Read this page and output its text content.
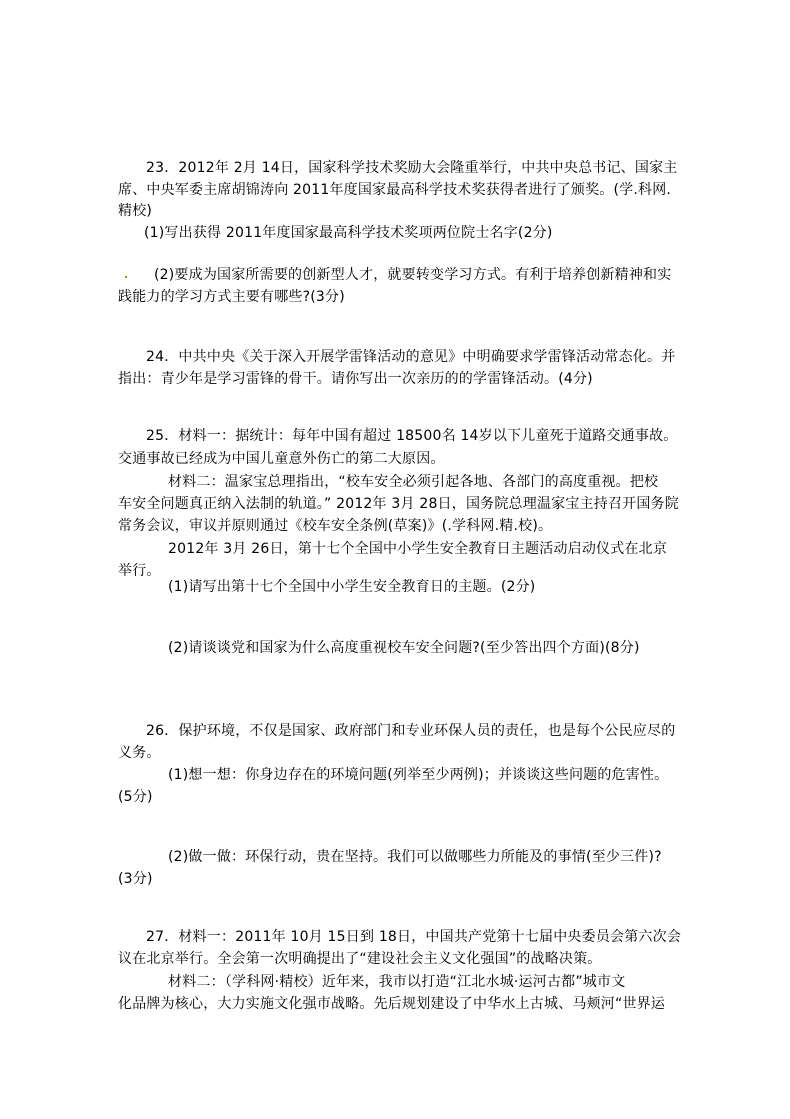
23．2012年 2月 14日，国家科学技术奖励大会隆重举行，中共中央总书记、国家主
席、中央军委主席胡锦涛向 2011年度国家最高科学技术奖获得者进行了颁奖。(学.科网.
精校)
(1)写出获得 2011年度国家最高科学技术奖项两位院士名字(2分)
(2)要成为国家所需要的创新型人才，就要转变学习方式。有利于培养创新精神和实
践能力的学习方式主要有哪些?(3分)
24．中共中央《关于深入开展学雷锋活动的意见》中明确要求学雷锋活动常态化。并
指出：青少年是学习雷锋的骨干。请你写出一次亲历的的学雷锋活动。(4分)
25．材料一：据统计：每年中国有超过 18500名 14岁以下儿童死于道路交通事故。
交通事故已经成为中国儿童意外伤亡的第二大原因。
材料二：温家宝总理指出，“校车安全必须引起各地、各部门的高度重视。把校
车安全问题真正纳入法制的轨道。” 2012年 3月 28日，国务院总理温家宝主持召开国务院
常务会议，审议并原则通过《校车安全条例(草案)》(.学科网.精.校)。
2012年 3月 26日，第十七个全国中小学生安全教育日主题活动启动仪式在北京
举行。
(1)请写出第十七个全国中小学生安全教育日的主题。(2分)
(2)请谈谈党和国家为什么高度重视校车安全问题?(至少答出四个方面)(8分)
26．保护环境，不仅是国家、政府部门和专业环保人员的责任，也是每个公民应尽的
义务。
(1)想一想：你身边存在的环境问题(列举至少两例)；并谈谈这些问题的危害性。
(5分)
(2)做一做：环保行动，贵在坚持。我们可以做哪些力所能及的事情(至少三件)?
(3分)
27．材料一：2011年 10月 15日到 18日，中国共产党第十七届中央委员会第六次会
议在北京举行。全会第一次明确提出了“建设社会主义文化强国”的战略决策。
材料二：（学科网·精校）近年来，我市以打造“江北水城·运河古都”城市文
化品牌为核心，大力实施文化强市战略。先后规划建设了中华水上古城、马颊河“世界运
